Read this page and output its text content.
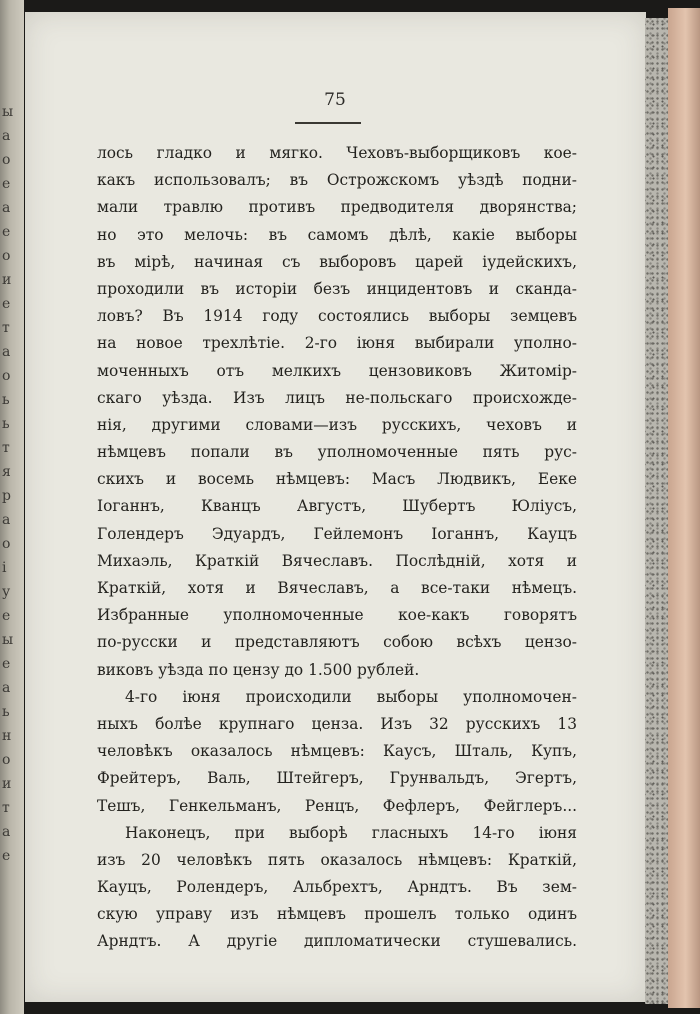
ы
а
о
е
а
е
о
и
е
т
а
о
ь
ь
т
я
р
а
о
і
у
е
ы
е
а
ь
н
о
и
т
а
е
75
лось гладко и мягко. Чеховъ-выборщиковъ кое-
какъ использовалъ; въ Острожскомъ уѣздѣ подни-
мали травлю противъ предводителя дворянства;
но это мелочь: въ самомъ дѣлѣ, какіе выборы
въ мірѣ, начиная съ выборовъ царей іудейскихъ,
проходили въ исторіи безъ инцидентовъ и сканда-
ловъ? Въ 1914 году состоялись выборы земцевъ
на новое трехлѣтіе. 2-го іюня выбирали уполно-
моченныхъ отъ мелкихъ цензовиковъ Житомір-
скаго уѣзда. Изъ лицъ не-польскаго происхожде-
нія, другими словами—изъ русскихъ, чеховъ и
нѣмцевъ попали въ уполномоченные пять рус-
скихъ и восемь нѣмцевъ: Масъ Людвикъ, Ееке
Іоганнъ, Кванцъ Августъ, Шубертъ Юліусъ,
Голендеръ Эдуардъ, Гейлемонъ Іоганнъ, Кауцъ
Михаэль, Краткій Вячеславъ. Послѣдній, хотя и
Краткій, хотя и Вячеславъ, а все-таки нѣмецъ.
Избранные уполномоченные кое-какъ говорятъ
по-русски и представляютъ собою всѣхъ цензо-
виковъ уѣзда по цензу до 1.500 рублей.
4-го іюня происходили выборы уполномочен-
ныхъ болѣе крупнаго ценза. Изъ 32 русскихъ 13
человѣкъ оказалось нѣмцевъ: Каусъ, Шталь, Купъ,
Фрейтеръ, Валь, Штейгеръ, Грунвальдъ, Эгертъ,
Тешъ, Генкельманъ, Ренцъ, Фефлеръ, Фейглеръ...
Наконецъ, при выборѣ гласныхъ 14-го іюня
изъ 20 человѣкъ пять оказалось нѣмцевъ: Краткій,
Кауцъ, Ролендеръ, Альбрехтъ, Арндтъ. Въ зем-
скую управу изъ нѣмцевъ прошелъ только одинъ
Арндтъ. А другіе дипломатически стушевались.
